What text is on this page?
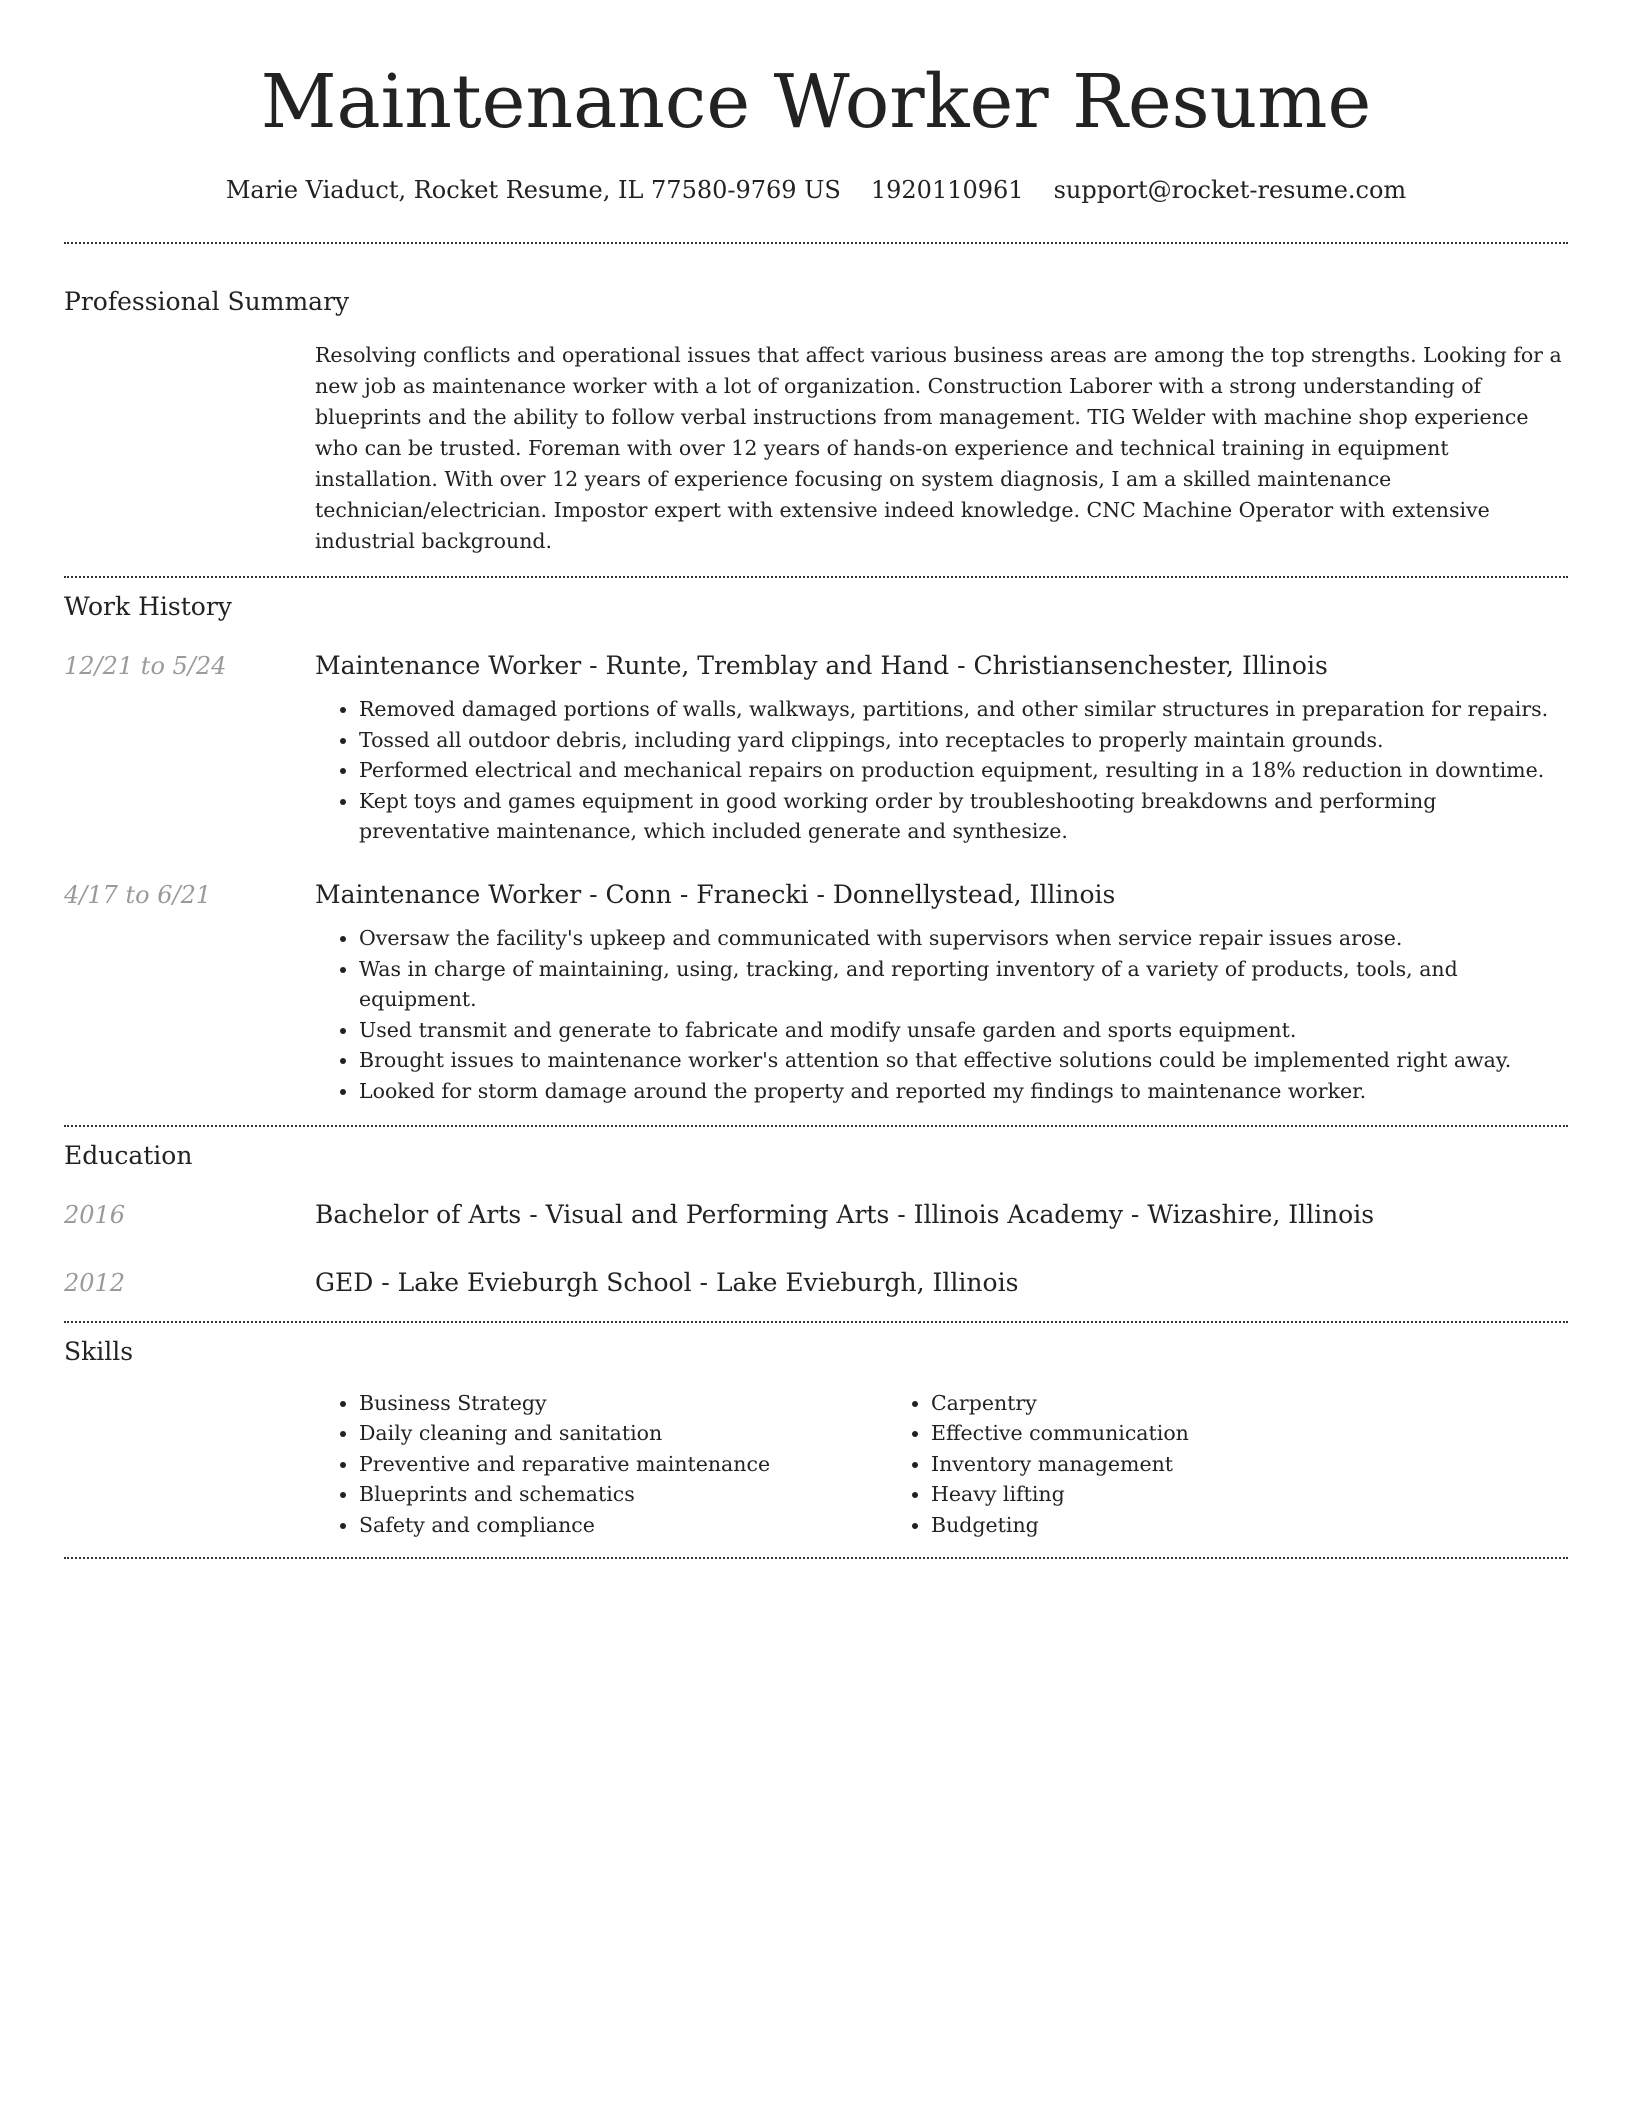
Maintenance Worker Resume
Marie Viaduct, Rocket Resume, IL 77580-9769 US 1920110961 support@rocket-resume.com
Professional Summary
Resolving conflicts and operational issues that affect various business areas are among the top strengths. Looking for a new job as maintenance worker with a lot of organization. Construction Laborer with a strong understanding of blueprints and the ability to follow verbal instructions from management. TIG Welder with machine shop experience who can be trusted. Foreman with over 12 years of hands-on experience and technical training in equipment installation. With over 12 years of experience focusing on system diagnosis, I am a skilled maintenance technician/electrician. Impostor expert with extensive indeed knowledge. CNC Machine Operator with extensive industrial background.
Work History
12/21 to 5/24	Maintenance Worker - Runte, Tremblay and Hand - Christiansenchester, Illinois
• Removed damaged portions of walls, walkways, partitions, and other similar structures in preparation for repairs.
• Tossed all outdoor debris, including yard clippings, into receptacles to properly maintain grounds.
• Performed electrical and mechanical repairs on production equipment, resulting in a 18% reduction in downtime.
• Kept toys and games equipment in good working order by troubleshooting breakdowns and performing preventative maintenance, which included generate and synthesize.
4/17 to 6/21	Maintenance Worker - Conn - Franecki - Donnellystead, Illinois
• Oversaw the facility's upkeep and communicated with supervisors when service repair issues arose.
• Was in charge of maintaining, using, tracking, and reporting inventory of a variety of products, tools, and equipment.
• Used transmit and generate to fabricate and modify unsafe garden and sports equipment.
• Brought issues to maintenance worker's attention so that effective solutions could be implemented right away.
• Looked for storm damage around the property and reported my findings to maintenance worker.
Education
2016	Bachelor of Arts - Visual and Performing Arts - Illinois Academy - Wizashire, Illinois
2012	GED - Lake Evieburgh School - Lake Evieburgh, Illinois
Skills
• Business Strategy
• Daily cleaning and sanitation
• Preventive and reparative maintenance
• Blueprints and schematics
• Safety and compliance
• Carpentry
• Effective communication
• Inventory management
• Heavy lifting
• Budgeting
